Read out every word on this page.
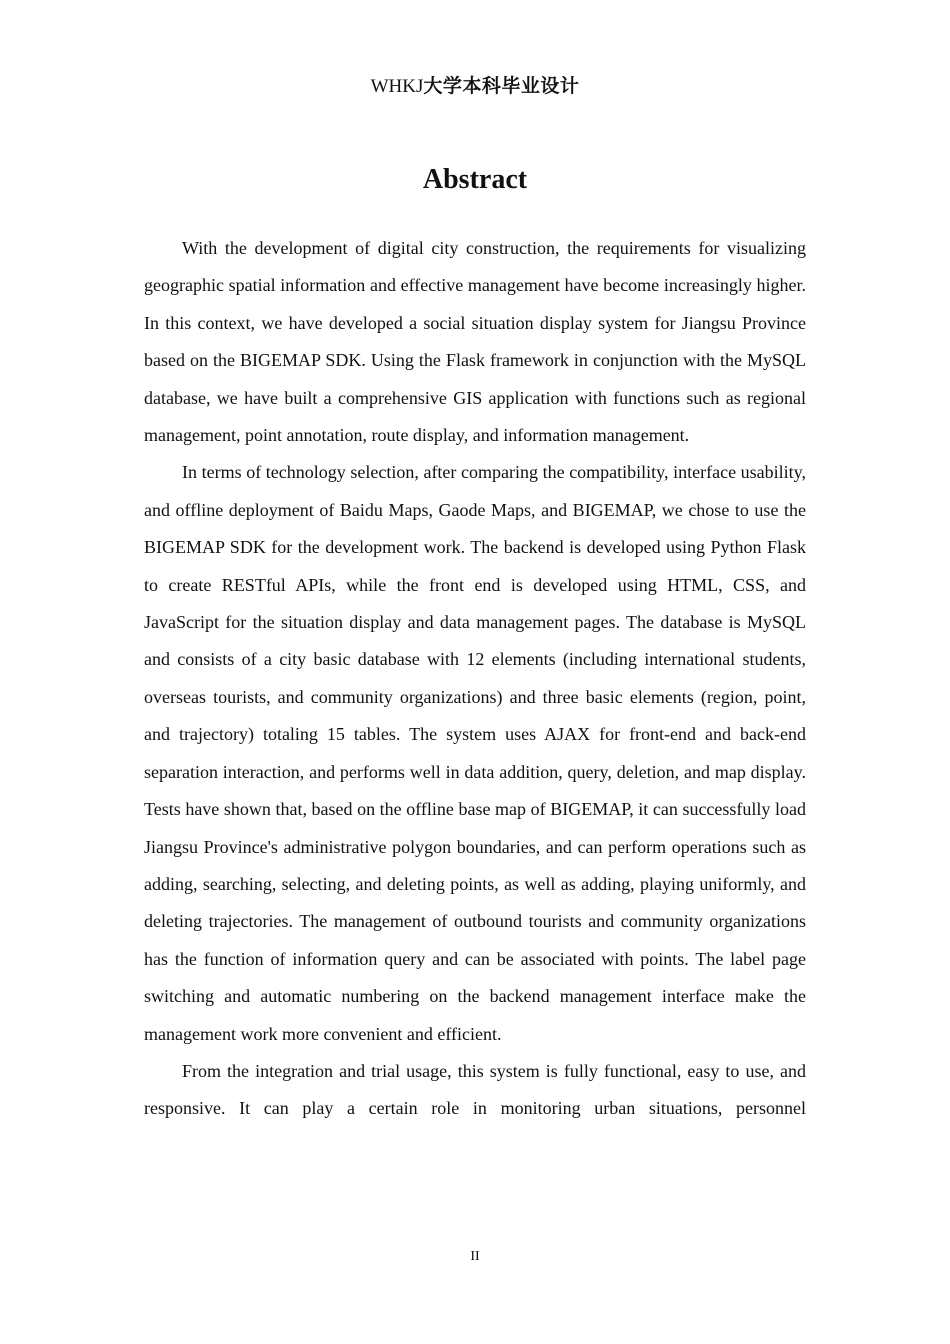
WHKJ大学本科毕业设计
Abstract

With the development of digital city construction, the requirements for visualizing geographic spatial information and effective management have become increasingly higher. In this context, we have developed a social situation display system for Jiangsu Province based on the BIGEMAP SDK. Using the Flask framework in conjunction with the MySQL database, we have built a comprehensive GIS application with functions such as regional management, point annotation, route display, and information management.

In terms of technology selection, after comparing the compatibility, interface usability, and offline deployment of Baidu Maps, Gaode Maps, and BIGEMAP, we chose to use the BIGEMAP SDK for the development work. The backend is developed using Python Flask to create RESTful APIs, while the front end is developed using HTML, CSS, and JavaScript for the situation display and data management pages. The database is MySQL and consists of a city basic database with 12 elements (including international students, overseas tourists, and community organizations) and three basic elements (region, point, and trajectory) totaling 15 tables. The system uses AJAX for front-end and back-end separation interaction, and performs well in data addition, query, deletion, and map display. Tests have shown that, based on the offline base map of BIGEMAP, it can successfully load Jiangsu Province's administrative polygon boundaries, and can perform operations such as adding, searching, selecting, and deleting points, as well as adding, playing uniformly, and deleting trajectories. The management of outbound tourists and community organizations has the function of information query and can be associated with points. The label page switching and automatic numbering on the backend management interface make the management work more convenient and efficient.

From the integration and trial usage, this system is fully functional, easy to use, and responsive. It can play a certain role in monitoring urban situations, personnel

II
